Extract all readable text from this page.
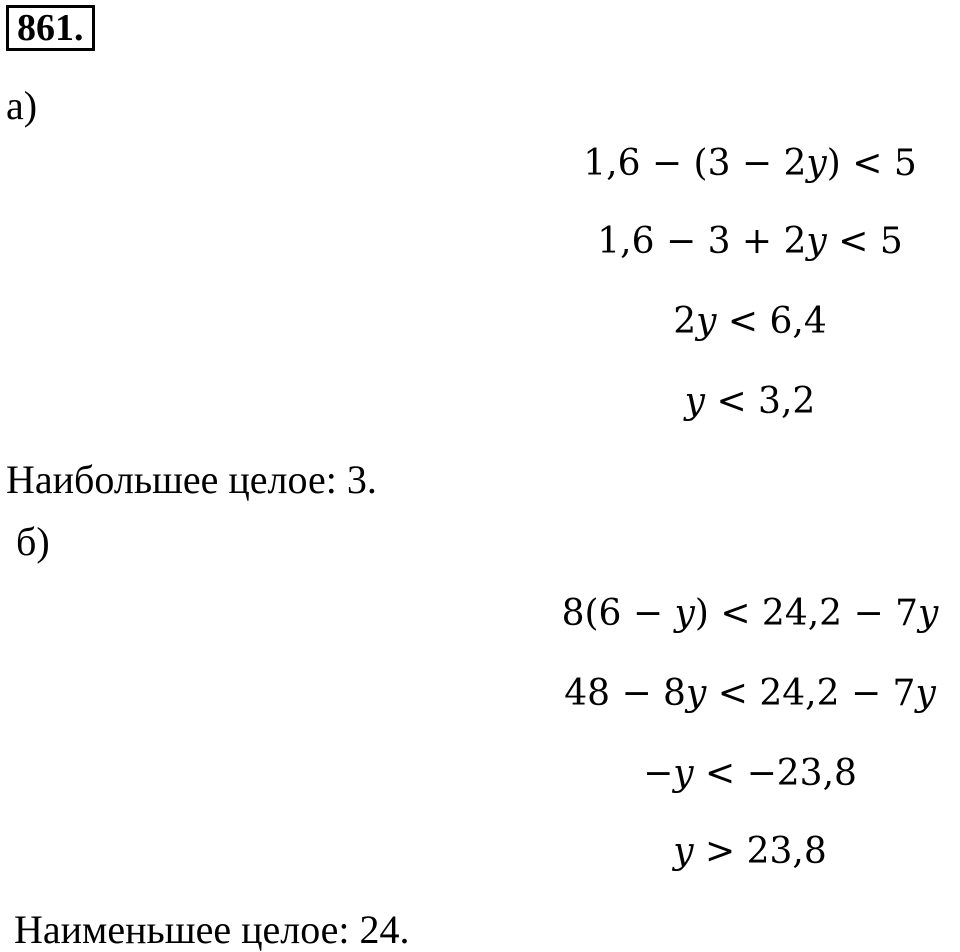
861.
а)
1,6 − (3 − 2𝑦) < 5
1,6 − 3 + 2𝑦 < 5
2𝑦 < 6,4
𝑦 < 3,2
Наибольшее целое: 3.
б)
8(6 − 𝑦) < 24,2 − 7𝑦
48 − 8𝑦 < 24,2 − 7𝑦
−𝑦 < −23,8
𝑦 > 23,8
Наименьшее целое: 24.
